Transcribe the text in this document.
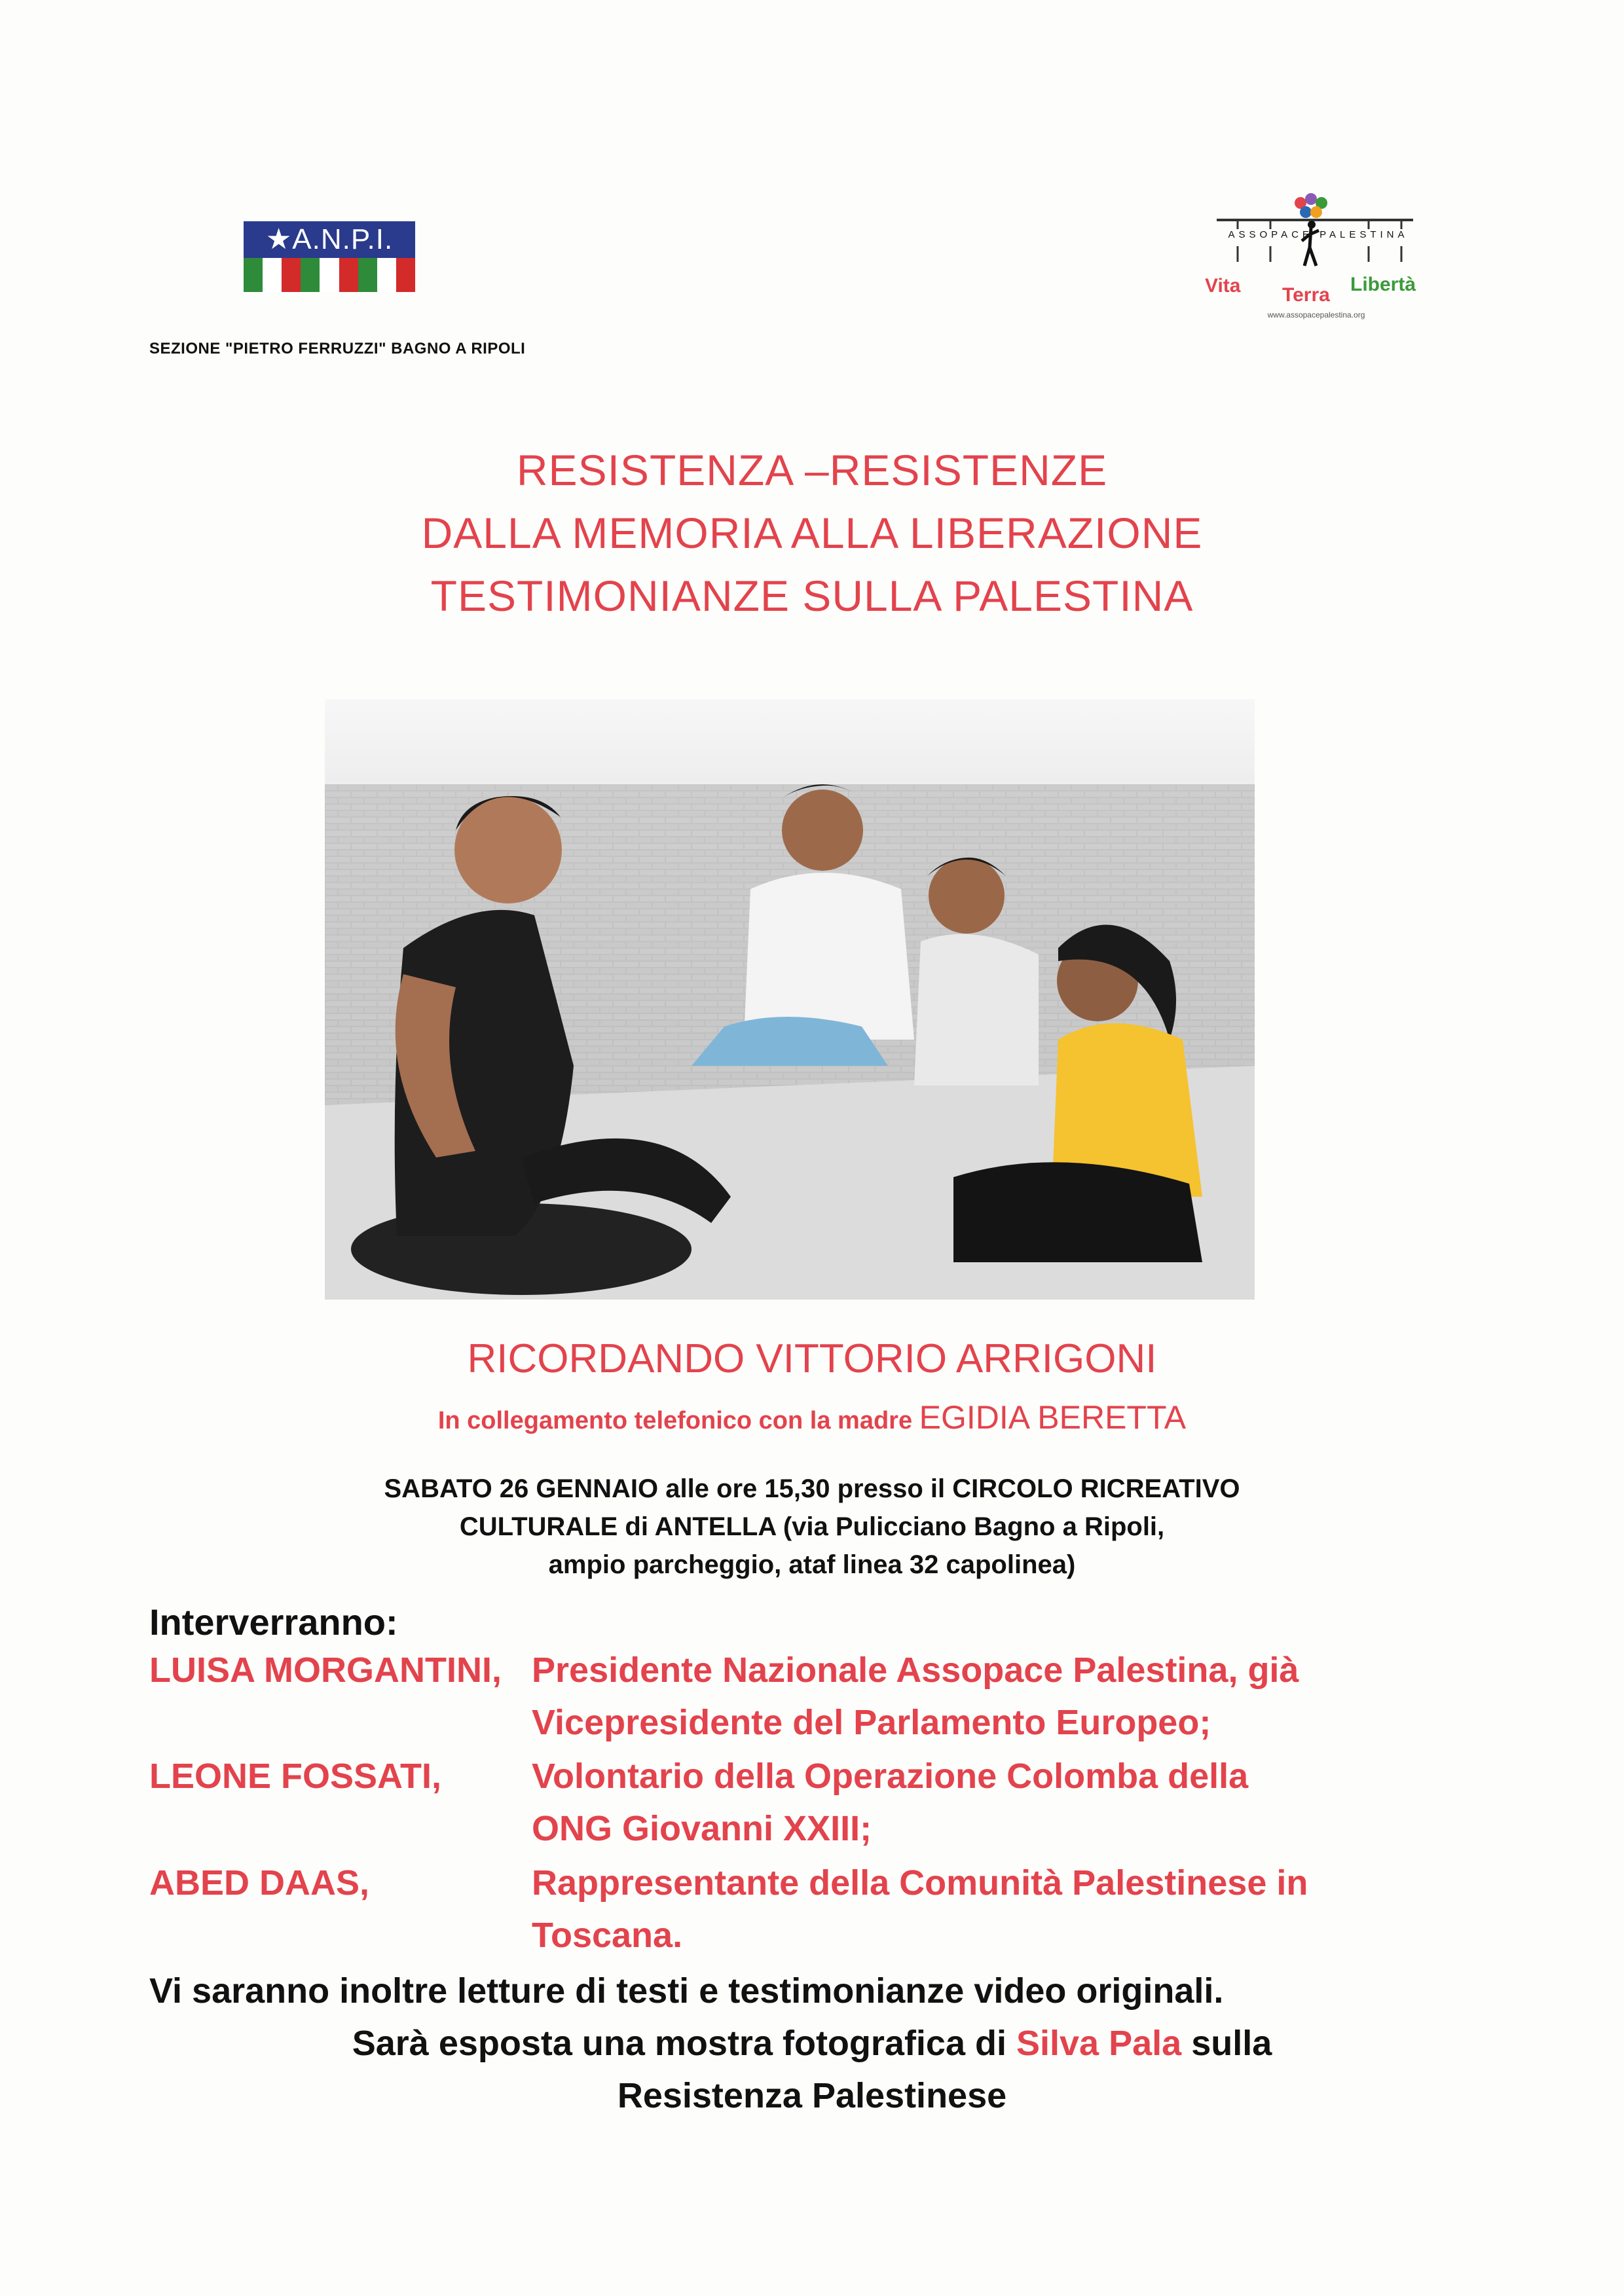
★A.N.P.I.
SEZIONE "PIETRO FERRUZZI" BAGNO A RIPOLI
ASSOPACE PALESTINA
Vita Terra Libertà
www.assopacepalestina.org
RESISTENZA –RESISTENZE
DALLA MEMORIA ALLA LIBERAZIONE
TESTIMONIANZE SULLA PALESTINA
RICORDANDO VITTORIO ARRIGONI
In collegamento telefonico con la madre EGIDIA BERETTA
SABATO 26 GENNAIO alle ore 15,30 presso il CIRCOLO RICREATIVO
CULTURALE di ANTELLA (via Pulicciano Bagno a Ripoli,
ampio parcheggio, ataf linea 32 capolinea)
Interverranno:
LUISA MORGANTINI, Presidente Nazionale Assopace Palestina, già
Vicepresidente del Parlamento Europeo;
LEONE FOSSATI,	Volontario della Operazione Colomba della
ONG Giovanni XXIII;
ABED DAAS,	Rappresentante della Comunità Palestinese in
Toscana.
Vi saranno inoltre letture di testi e testimonianze video originali.
Sarà esposta una mostra fotografica di Silva Pala sulla
Resistenza Palestinese
